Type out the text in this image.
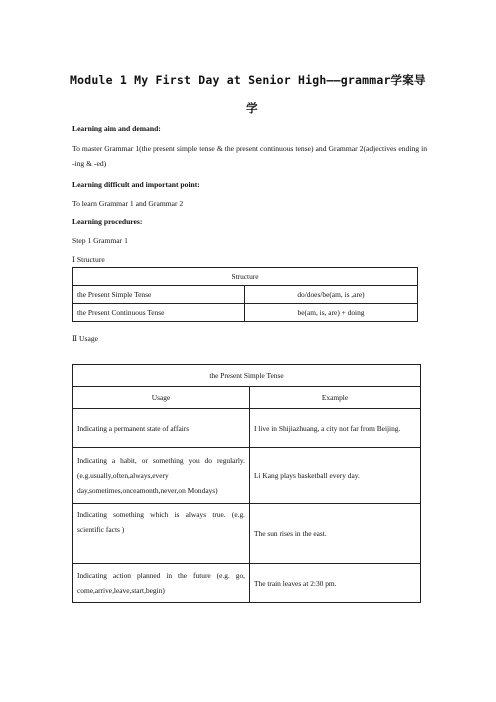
Module 1 My First Day at Senior High——grammar学案导
学
Learning aim and demand:
To master Grammar 1(the present simple tense & the present continuous tense) and Grammar 2(adjectives ending in -ing & -ed)
Learning difficult and important point:
To learn Grammar 1 and Grammar 2
Learning procedures:
Step 1 Grammar 1
Ⅰ Structure
Structure	
the Present Simple Tense	do/does/be(am, is ,are)
the Present Continuous Tense	be(am, is, are) + doing
Ⅱ Usage
the Present Simple Tense	
Usage	Example
Indicating a permanent state of affairs	I live in Shijiazhuang, a city not far from Beijing.
Indicating a habit, or something you do regularly.(e.g.usually,often,always,every day,sometimes,onceamonth,never,on Mondays)	Li Kang plays basketball every day.
Indicating something which is always true. (e.g. scientific facts )	The sun rises in the east.
Indicating action planned in the future (e.g. go, come,arrive,leave,start,begin)	The train leaves at 2:30 pm.
